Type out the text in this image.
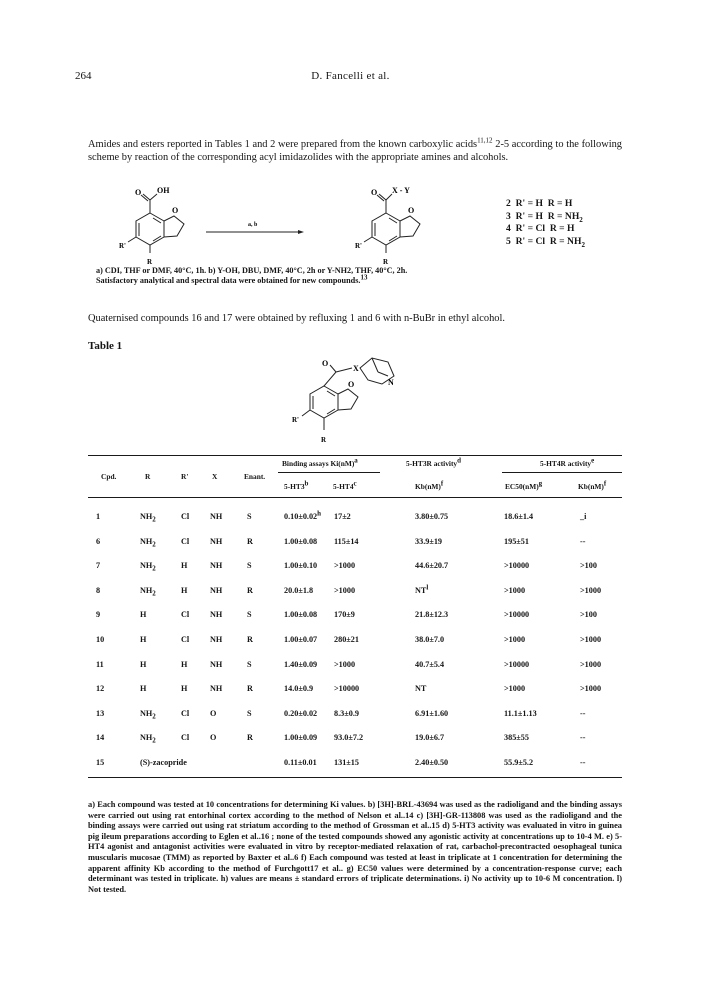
264	D. Fancelli et al.
Amides and esters reported in Tables 1 and 2 were prepared from the known carboxylic acids$^{11,12}$ 2-5 according to the following scheme by reaction of the corresponding acyl imidazolides with the appropriate amines and alcohols.
O OH
O
R'
R
a, b
O X - Y
O
R'
R
2 R' = H  R = H
3 R' = H  $R = NH_2$
4 R' = Cl  R = H
5 R' = Cl  $R = NH_2$
a) CDI, THF or DMF, 40°C, 1h. b) Y-OH, DBU, DMF, 40°C, 2h or Y-NH2, THF, 40°C, 2h.
Satisfactory analytical and spectral data were obtained for new compounds.$^{13}$
Quaternised compounds 16 and 17 were obtained by refluxing 1 and 6 with n-BuBr in ethyl alcohol.
Table 1
O
X
N
O
R'
R
Cpd.	R	R'	X	Enant.
Binding assays Ki(nM)$^a$
5-HT3$^b$	5-HT4$^c$
5-HT3R activity$^d$
Kb(nM)$^f$
5-HT4R activity$^e$
EC50(nM)$^g$	Kb(nM)$^f$
1	$NH_2$	Cl	NH	S	0.10±0.02$^h$ 17±2	3.80±0.75	18.6±1.4	_i
6	$NH_2$	Cl	NH	R	1.00±0.08 115±14	33.9±19	195±51	--
7	$NH_2$	H	NH	S	1.00±0.10 >1000	44.6±20.7	>10000	>100
8	$NH_2$	H	NH	R	20.0±1.8	>1000	$NT^l$	>1000	>1000
9	H	Cl	NH	S	1.00±0.08 170±9	21.8±12.3	>10000	>100
10	H	Cl	NH	R	1.00±0.07 280±21	38.0±7.0	>1000	>1000
11	H	H	NH	S	1.40±0.09 >1000	40.7±5.4	>10000	>1000
12	H	H	NH	R	14.0±0.9	>10000	NT	>1000	>1000
13	$NH_2$	Cl	O	S	0.20±0.02 8.3±0.9	6.91±1.60	11.1±1.13	--
14	$NH_2$	Cl	O	R	1.00±0.09 93.0±7.2	19.0±6.7	385±55	--
15	(S)-zacopride	0.11±0.01 131±15	2.40±0.50	55.9±5.2	--
a) Each compound was tested at 10 concentrations for determining Ki values. b) [3H]-BRL-43694 was used as the radioligand and the binding assays were carried out using rat entorhinal cortex according to the method of Nelson et al..14 c) [3H]-GR-113808 was used as the radioligand and the binding assays were carried out using rat striatum according to the method of Grossman et al..15 d) 5-HT3 activity was evaluated in vitro in guinea pig ileum preparations according to Eglen et al..16 ; none of the tested compounds showed any agonistic activity at concentrations up to 10-4 M. e) 5-HT4 agonist and antagonist activities were evaluated in vitro by receptor-mediated relaxation of rat, carbachol-precontracted oesophageal tunica muscularis mucosae (TMM) as reported by Baxter et al..6 f) Each compound was tested at least in triplicate at 1 concentration for determining the apparent affinity Kb according to the method of Furchgott17 et al.. g) EC50 values were determined by a concentration-response curve; each determinant was tested in triplicate. h) values are means ± standard errors of triplicate determinations. i) No activity up to 10-6 M concentration. l) Not tested.
